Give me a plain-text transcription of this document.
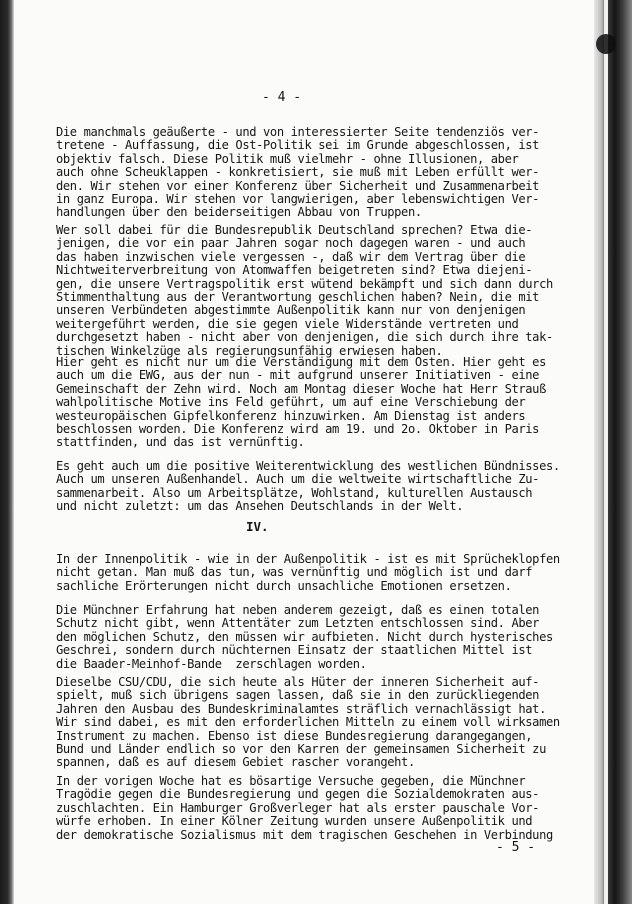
- 4 -
Die manchmals geäußerte - und von interessierter Seite tendenziös ver-
tretene - Auffassung, die Ost-Politik sei im Grunde abgeschlossen, ist
objektiv falsch. Diese Politik muß vielmehr - ohne Illusionen, aber
auch ohne Scheuklappen - konkretisiert, sie muß mit Leben erfüllt wer-
den. Wir stehen vor einer Konferenz über Sicherheit und Zusammenarbeit
in ganz Europa. Wir stehen vor langwierigen, aber lebenswichtigen Ver-
handlungen über den beiderseitigen Abbau von Truppen.
Wer soll dabei für die Bundesrepublik Deutschland sprechen? Etwa die-
jenigen, die vor ein paar Jahren sogar noch dagegen waren - und auch
das haben inzwischen viele vergessen -, daß wir dem Vertrag über die
Nichtweiterverbreitung von Atomwaffen beigetreten sind? Etwa diejeni-
gen, die unsere Vertragspolitik erst wütend bekämpft und sich dann durch
Stimmenthaltung aus der Verantwortung geschlichen haben? Nein, die mit
unseren Verbündeten abgestimmte Außenpolitik kann nur von denjenigen
weitergeführt werden, die sie gegen viele Widerstände vertreten und
durchgesetzt haben - nicht aber von denjenigen, die sich durch ihre tak-
tischen Winkelzüge als regierungsunfähig erwiesen haben.
Hier geht es nicht nur um die Verständigung mit dem Osten. Hier geht es
auch um die EWG, aus der nun - mit aufgrund unserer Initiativen - eine
Gemeinschaft der Zehn wird. Noch am Montag dieser Woche hat Herr Strauß
wahlpolitische Motive ins Feld geführt, um auf eine Verschiebung der
westeuropäischen Gipfelkonferenz hinzuwirken. Am Dienstag ist anders
beschlossen worden. Die Konferenz wird am 19. und 2o. Oktober in Paris
stattfinden, und das ist vernünftig.
Es geht auch um die positive Weiterentwicklung des westlichen Bündnisses.
Auch um unseren Außenhandel. Auch um die weltweite wirtschaftliche Zu-
sammenarbeit. Also um Arbeitsplätze, Wohlstand, kulturellen Austausch
und nicht zuletzt: um das Ansehen Deutschlands in der Welt.
IV.
In der Innenpolitik - wie in der Außenpolitik - ist es mit Sprücheklopfen
nicht getan. Man muß das tun, was vernünftig und möglich ist und darf
sachliche Erörterungen nicht durch unsachliche Emotionen ersetzen.
Die Münchner Erfahrung hat neben anderem gezeigt, daß es einen totalen
Schutz nicht gibt, wenn Attentäter zum Letzten entschlossen sind. Aber
den möglichen Schutz, den müssen wir aufbieten. Nicht durch hysterisches
Geschrei, sondern durch nüchternen Einsatz der staatlichen Mittel ist
die Baader-Meinhof-Bande  zerschlagen worden.
Dieselbe CSU/CDU, die sich heute als Hüter der inneren Sicherheit auf-
spielt, muß sich übrigens sagen lassen, daß sie in den zurückliegenden
Jahren den Ausbau des Bundeskriminalamtes sträflich vernachlässigt hat.
Wir sind dabei, es mit den erforderlichen Mitteln zu einem voll wirksamen
Instrument zu machen. Ebenso ist diese Bundesregierung darangegangen,
Bund und Länder endlich so vor den Karren der gemeinsamen Sicherheit zu
spannen, daß es auf diesem Gebiet rascher vorangeht.
In der vorigen Woche hat es bösartige Versuche gegeben, die Münchner
Tragödie gegen die Bundesregierung und gegen die Sozialdemokraten aus-
zuschlachten. Ein Hamburger Großverleger hat als erster pauschale Vor-
würfe erhoben. In einer Kölner Zeitung wurden unsere Außenpolitik und
der demokratische Sozialismus mit dem tragischen Geschehen in Verbindung
- 5 -
